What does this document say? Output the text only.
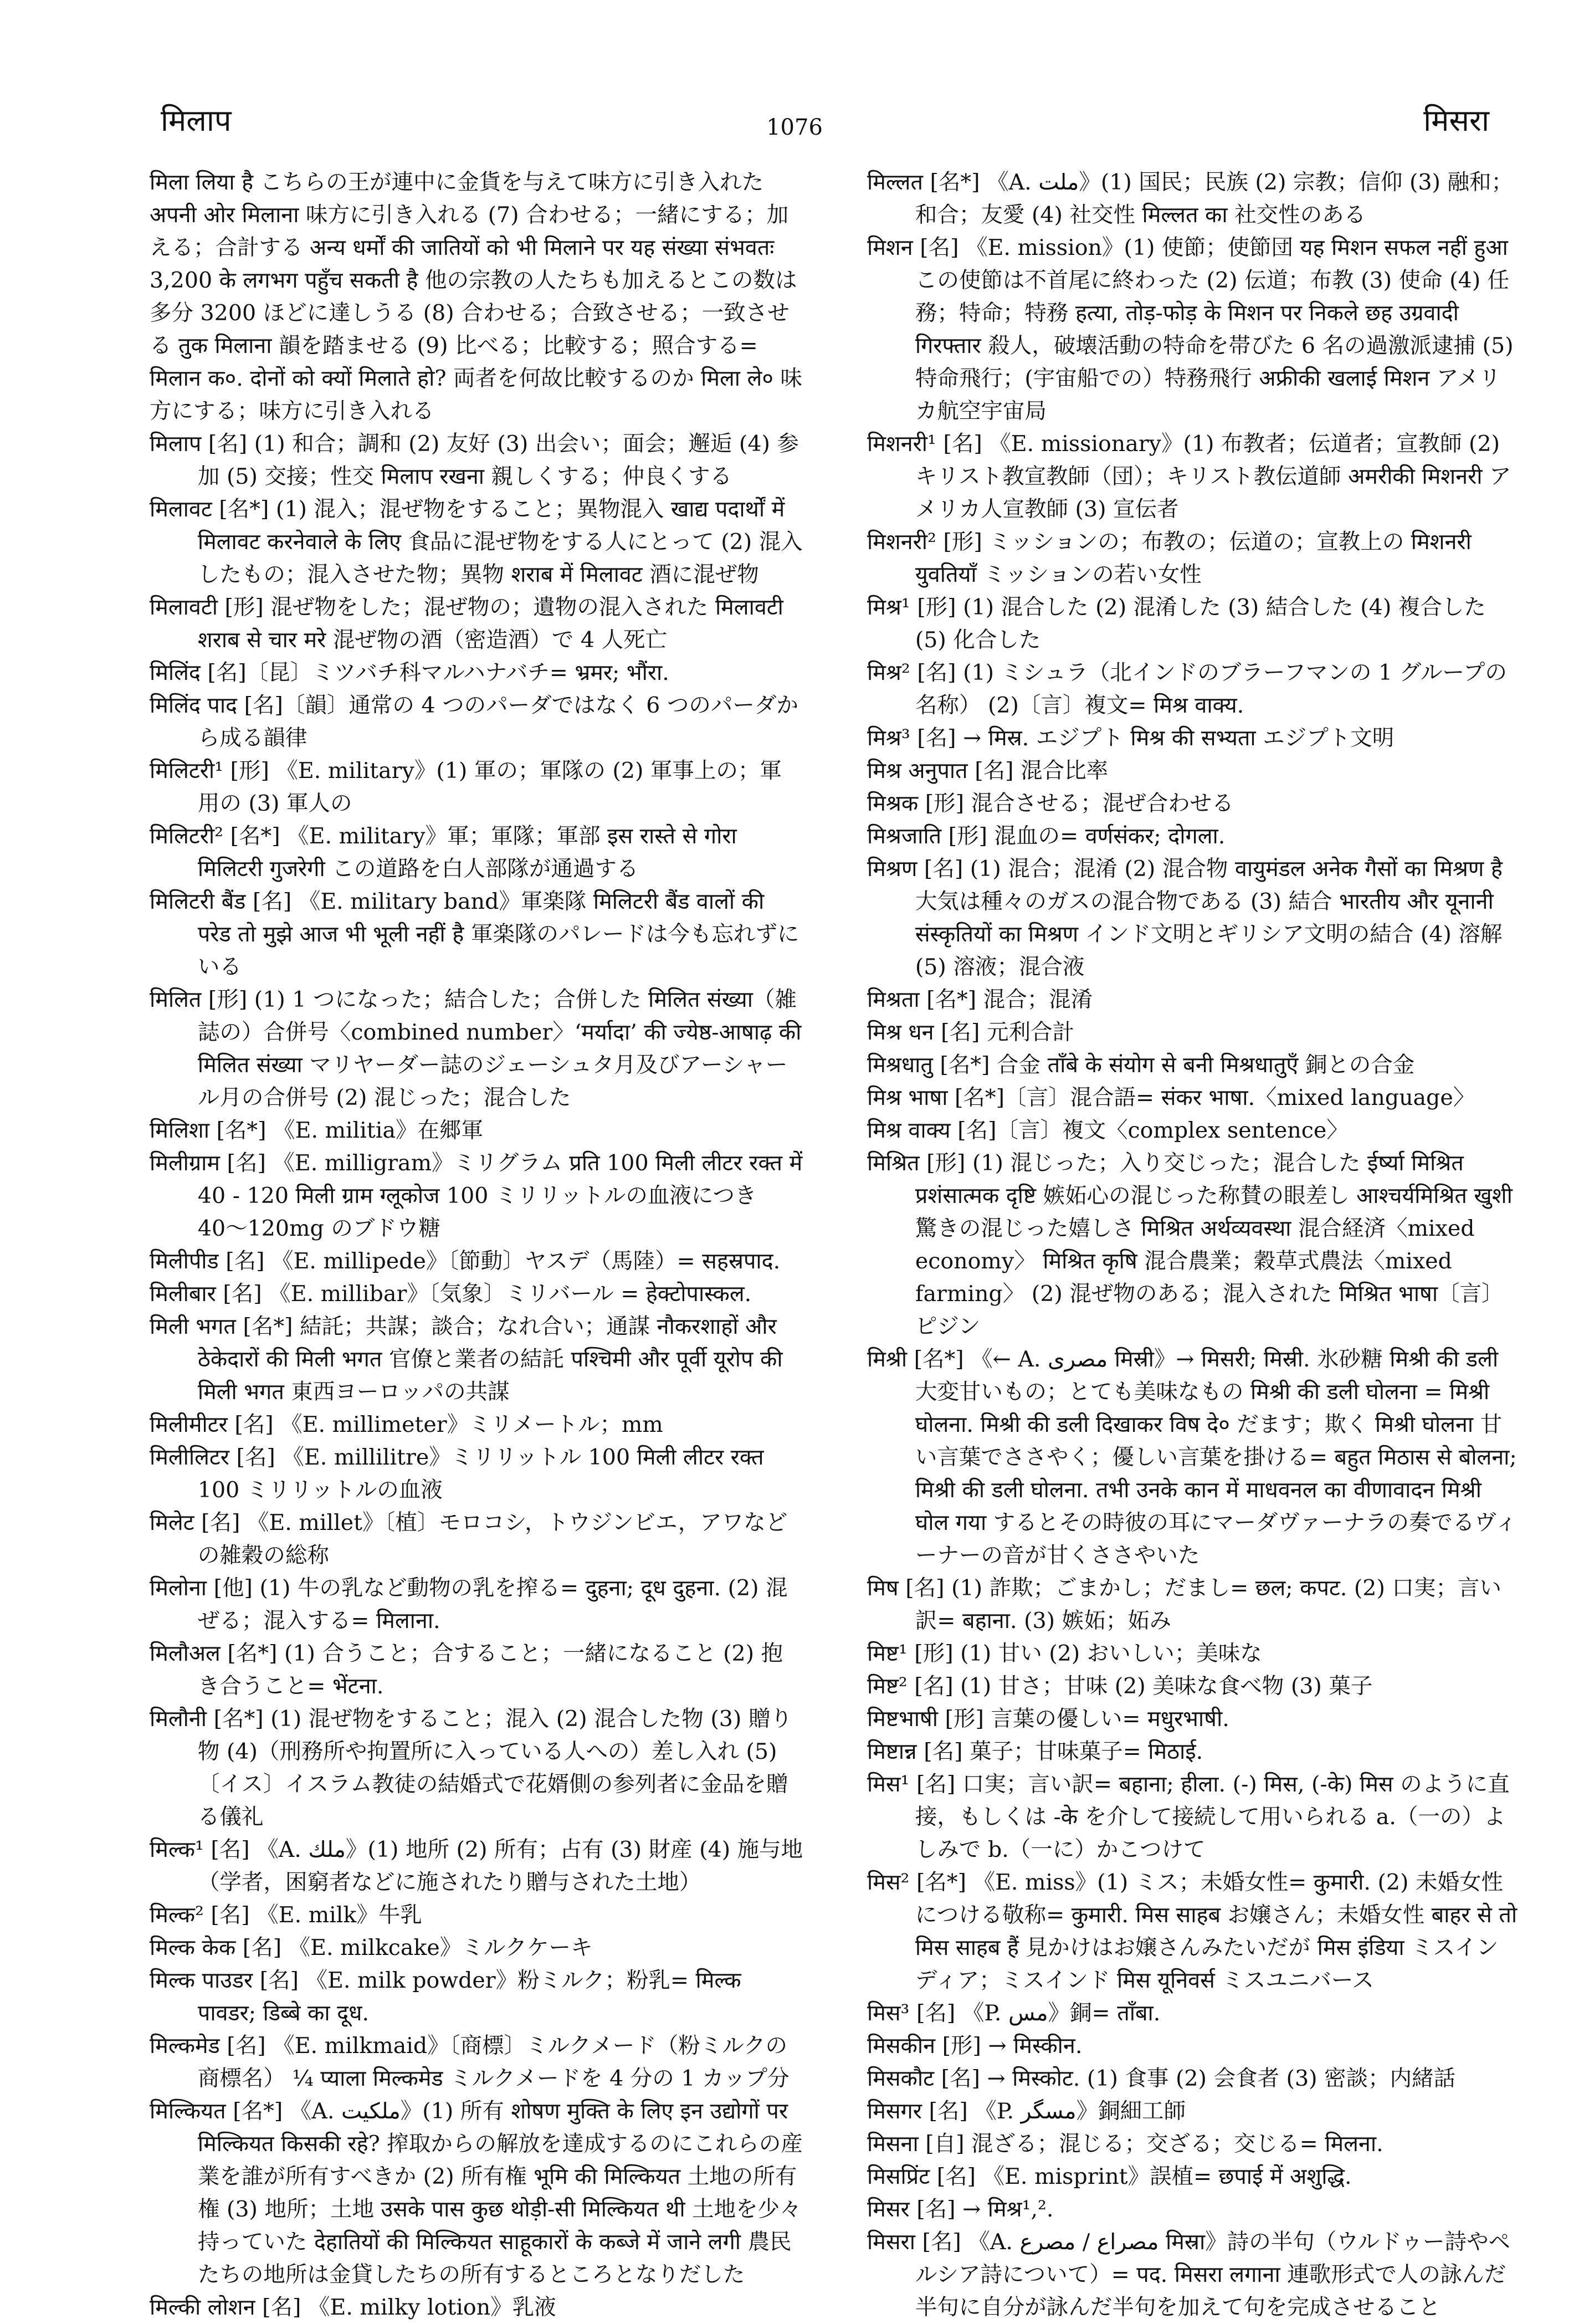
मिलाप	1076	मिसरा

मिला लिया है こちらの王が連中に金貨を与えて味方に引き入れた अपनी ओर मिलाना 味方に引き入れる (7) 合わせる；一緒にする；加える；合計する अन्य धर्मों की जातियों को भी मिलाने पर यह संख्या संभवतः 3,200 के लगभग पहुँच सकती है 他の宗教の人たちも加えるとこの数は多分 3200 ほどに達しうる (8) 合わせる；合致させる；一致させる तुक मिलाना 韻を踏ませる (9) 比べる；比較する；照合する= मिलान क०. दोनों को क्यों मिलाते हो? 両者を何故比較するのか मिला ले० 味方にする；味方に引き入れる

मिलाप [名] (1) 和合；調和 (2) 友好 (3) 出会い；面会；邂逅 (4) 参加 (5) 交接；性交 मिलाप रखना 親しくする；仲良くする

मिलावट [名*] (1) 混入；混ぜ物をすること；異物混入 खाद्य पदार्थों में मिलावट करनेवाले के लिए 食品に混ぜ物をする人にとって (2) 混入したもの；混入させた物；異物 शराब में मिलावट 酒に混ぜ物

मिलावटी [形] 混ぜ物をした；混ぜ物の；遺物の混入された मिलावटी शराब से चार मरे 混ぜ物の酒（密造酒）で 4 人死亡

मिलिंद [名]〔昆〕ミツバチ科マルハナバチ= भ्रमर; भौंरा.

मिलिंद पाद [名]〔韻〕通常の 4 つのパーダではなく 6 つのパーダから成る韻律

मिलिटरी¹ [形] 《E. military》(1) 軍の；軍隊の (2) 軍事上の；軍用の (3) 軍人の

मिलिटरी² [名*] 《E. military》軍；軍隊；軍部 इस रास्ते से गोरा मिलिटरी गुजरेगी この道路を白人部隊が通過する

मिलिटरी बैंड [名] 《E. military band》軍楽隊 मिलिटरी बैंड वालों की परेड तो मुझे आज भी भूली नहीं है 軍楽隊のパレードは今も忘れずにいる

मिलित [形] (1) 1 つになった；結合した；合併した मिलित संख्या（雑誌の）合併号〈combined number〉‘मर्यादा’ की ज्येष्ठ-आषाढ़ की मिलित संख्या マリヤーダー誌のジェーシュタ月及びアーシャール月の合併号 (2) 混じった；混合した

मिलिशा [名*] 《E. militia》在郷軍

मिलीग्राम [名] 《E. milligram》ミリグラム प्रति 100 मिली लीटर रक्त में 40 - 120 मिली ग्राम ग्लूकोज 100 ミリリットルの血液につき 40〜120mg のブドウ糖

मिलीपीड [名] 《E. millipede》〔節動〕ヤスデ（馬陸）= सहस्रपाद.

मिलीबार [名] 《E. millibar》〔気象〕ミリバール = हेक्टोपास्कल.

मिली भगत [名*] 結託；共謀；談合；なれ合い；通謀 नौकरशाहों और ठेकेदारों की मिली भगत 官僚と業者の結託 पश्चिमी और पूर्वी यूरोप की मिली भगत 東西ヨーロッパの共謀

मिलीमीटर [名] 《E. millimeter》ミリメートル；mm

मिलीलिटर [名] 《E. millilitre》ミリリットル 100 मिली लीटर रक्त 100 ミリリットルの血液

मिलेट [名] 《E. millet》〔植〕モロコシ，トウジンビエ，アワなどの雑穀の総称

मिलोना [他] (1) 牛の乳など動物の乳を搾る= दुहना; दूध दुहना. (2) 混ぜる；混入する= मिलाना.

मिलौअल [名*] (1) 合うこと；合すること；一緒になること (2) 抱き合うこと= भेंटना.

मिलौनी [名*] (1) 混ぜ物をすること；混入 (2) 混合した物 (3) 贈り物 (4)（刑務所や拘置所に入っている人への）差し入れ (5)〔イス〕イスラム教徒の結婚式で花婿側の参列者に金品を贈る儀礼

मिल्क¹ [名] 《A. ملك》(1) 地所 (2) 所有；占有 (3) 財産 (4) 施与地（学者，困窮者などに施されたり贈与された土地）

मिल्क² [名] 《E. milk》牛乳

मिल्क केक [名] 《E. milkcake》ミルクケーキ

मिल्क पाउडर [名] 《E. milk powder》粉ミルク；粉乳= मिल्क पावडर; डिब्बे का दूध.

मिल्कमेड [名] 《E. milkmaid》〔商標〕ミルクメード（粉ミルクの商標名） ¼ प्याला मिल्कमेड ミルクメードを 4 分の 1 カップ分

मिल्कियत [名*] 《A. ملكيت》(1) 所有 शोषण मुक्ति के लिए इन उद्योगों पर मिल्कियत किसकी रहे? 搾取からの解放を達成するのにこれらの産業を誰が所有すべきか (2) 所有権 भूमि की मिल्कियत 土地の所有権 (3) 地所；土地 उसके पास कुछ थोड़ी-सी मिल्कियत थी 土地を少々持っていた देहातियों की मिल्कियत साहूकारों के कब्जे में जाने लगी 農民たちの地所は金貸したちの所有するところとなりだした

मिल्की लोशन [名] 《E. milky lotion》乳液

मिल्लत [名*] 《A. ملت》(1) 国民；民族 (2) 宗教；信仰 (3) 融和；和合；友愛 (4) 社交性 मिल्लत का 社交性のある

मिशन [名] 《E. mission》(1) 使節；使節団 यह मिशन सफल नहीं हुआ この使節は不首尾に終わった (2) 伝道；布教 (3) 使命 (4) 任務；特命；特務 हत्या, तोड़-फोड़ के मिशन पर निकले छह उग्रवादी गिरफ्तार 殺人，破壊活動の特命を帯びた 6 名の過激派逮捕 (5) 特命飛行；(宇宙船での）特務飛行 अफ्रीकी खलाई मिशन アメリカ航空宇宙局

मिशनरी¹ [名] 《E. missionary》(1) 布教者；伝道者；宣教師 (2) キリスト教宣教師（団）；キリスト教伝道師 अमरीकी मिशनरी アメリカ人宣教師 (3) 宣伝者

मिशनरी² [形] ミッションの；布教の；伝道の；宣教上の मिशनरी युवतियाँ ミッションの若い女性

मिश्र¹ [形] (1) 混合した (2) 混淆した (3) 結合した (4) 複合した (5) 化合した

मिश्र² [名] (1) ミシュラ（北インドのブラーフマンの 1 グループの名称） (2)〔言〕複文= मिश्र वाक्य.

मिश्र³ [名] → मिस्र. エジプト मिश्र की सभ्यता エジプト文明

मिश्र अनुपात [名] 混合比率

मिश्रक [形] 混合させる；混ぜ合わせる

मिश्रजाति [形] 混血の= वर्णसंकर; दोगला.

मिश्रण [名] (1) 混合；混淆 (2) 混合物 वायुमंडल अनेक गैसों का मिश्रण है 大気は種々のガスの混合物である (3) 結合 भारतीय और यूनानी संस्कृतियों का मिश्रण インド文明とギリシア文明の結合 (4) 溶解 (5) 溶液；混合液

मिश्रता [名*] 混合；混淆

मिश्र धन [名] 元利合計

मिश्रधातु [名*] 合金 ताँबे के संयोग से बनी मिश्रधातुएँ 銅との合金

मिश्र भाषा [名*]〔言〕混合語= संकर भाषा.〈mixed language〉

मिश्र वाक्य [名]〔言〕複文〈complex sentence〉

मिश्रित [形] (1) 混じった；入り交じった；混合した ईर्ष्या मिश्रित प्रशंसात्मक दृष्टि 嫉妬心の混じった称賛の眼差し आश्चर्यमिश्रित खुशी 驚きの混じった嬉しさ मिश्रित अर्थव्यवस्था 混合経済〈mixed economy〉 मिश्रित कृषि 混合農業；穀草式農法〈mixed farming〉 (2) 混ぜ物のある；混入された मिश्रित भाषा〔言〕ピジン

मिश्री [名*] 《← A. مصری मिस्री》→ मिसरी; मिस्री. 氷砂糖 मिश्री की डली 大変甘いもの；とても美味なもの मिश्री की डली घोलना = मिश्री घोलना. मिश्री की डली दिखाकर विष दे० だます；欺く मिश्री घोलना 甘い言葉でささやく；優しい言葉を掛ける= बहुत मिठास से बोलना; मिश्री की डली घोलना. तभी उनके कान में माधवनल का वीणावादन मिश्री घोल गया するとその時彼の耳にマーダヴァーナラの奏でるヴィーナーの音が甘くささやいた

मिष [名] (1) 詐欺；ごまかし；だまし= छल; कपट. (2) 口実；言い訳= बहाना. (3) 嫉妬；妬み

मिष्ट¹ [形] (1) 甘い (2) おいしい；美味な

मिष्ट² [名] (1) 甘さ；甘味 (2) 美味な食べ物 (3) 菓子

मिष्टभाषी [形] 言葉の優しい= मधुरभाषी.

मिष्टान्न [名] 菓子；甘味菓子= मिठाई.

मिस¹ [名] 口実；言い訳= बहाना; हीला. (-) मिस, (-के) मिस のように直接，もしくは -के を介して接続して用いられる a.（一の）よしみで b.（一に）かこつけて

मिस² [名*] 《E. miss》(1) ミス；未婚女性= कुमारी. (2) 未婚女性につける敬称= कुमारी. मिस साहब お嬢さん；未婚女性 बाहर से तो मिस साहब हैं 見かけはお嬢さんみたいだが मिस इंडिया ミスインディア；ミスインド मिस यूनिवर्स ミスユニバース

मिस³ [名] 《P. مس》銅= ताँबा.

मिसकीन [形] → मिस्कीन.

मिसकौट [名] → मिस्कोट. (1) 食事 (2) 会食者 (3) 密談；内緒話

मिसगर [名] 《P. مسگر》銅細工師

मिसना [自] 混ざる；混じる；交ざる；交じる= मिलना.

मिसप्रिंट [名] 《E. misprint》誤植= छपाई में अशुद्धि.

मिसर [名] → मिश्र¹,².

मिसरा [名] 《A. مصراع / مصرع मिस्रा》詩の半句（ウルドゥー詩やペルシア詩について）= पद. मिसरा लगाना 連歌形式で人の詠んだ半句に自分が詠んだ半句を加えて句を完成させること
